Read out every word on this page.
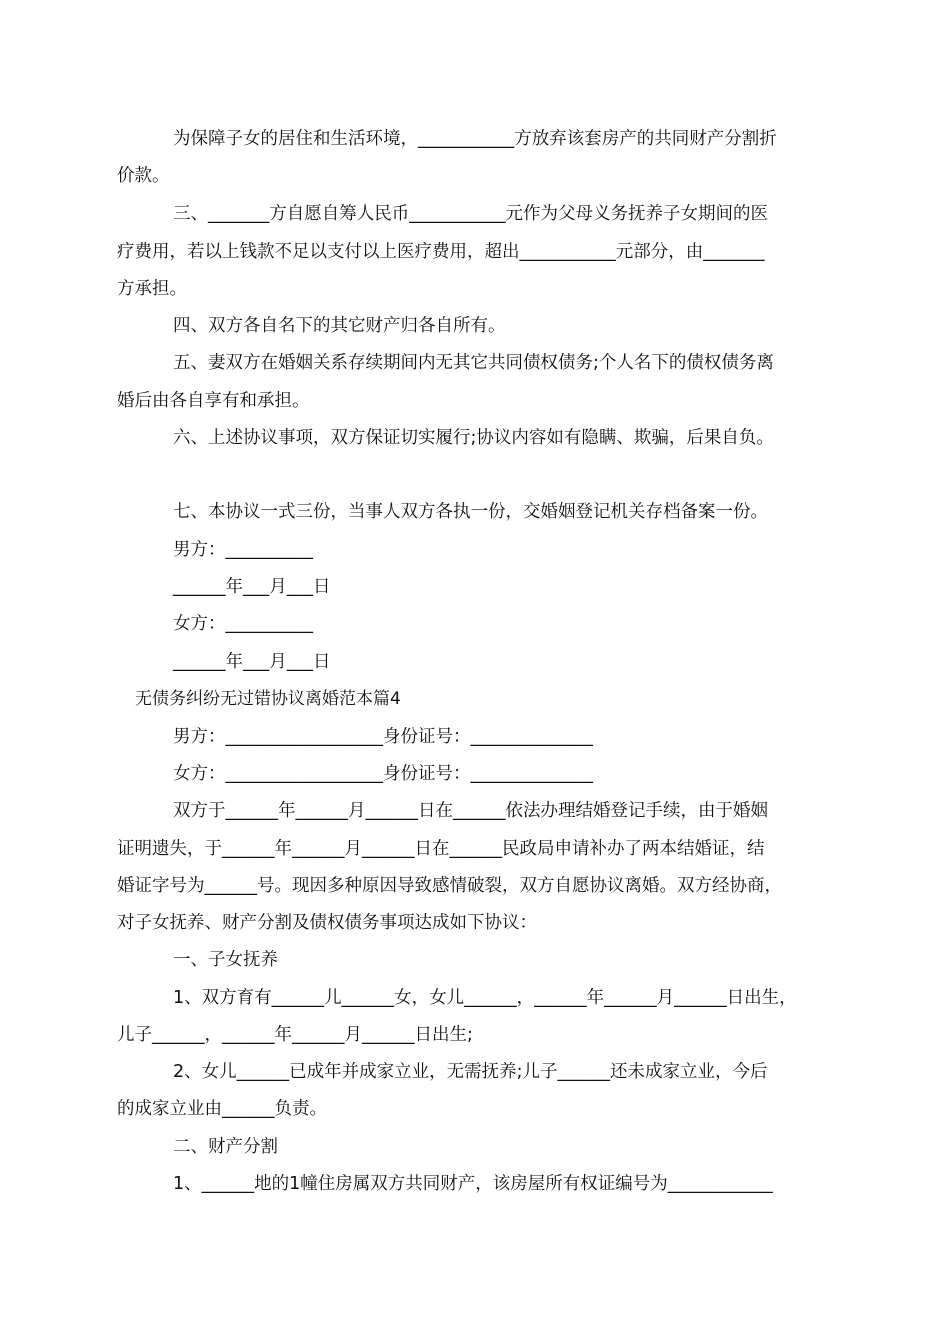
为保障子女的居住和生活环境，___________方放弃该套房产的共同财产分割折
价款。
三、_______方自愿自筹人民币___________元作为父母义务抚养子女期间的医
疗费用，若以上钱款不足以支付以上医疗费用，超出___________元部分，由_______
方承担。
四、双方各自名下的其它财产归各自所有。
五、妻双方在婚姻关系存续期间内无其它共同债权债务;个人名下的债权债务离
婚后由各自享有和承担。
六、上述协议事项，双方保证切实履行;协议内容如有隐瞒、欺骗，后果自负。
七、本协议一式三份，当事人双方各执一份，交婚姻登记机关存档备案一份。
男方：__________
______年___月___日
女方：__________
______年___月___日
无债务纠纷无过错协议离婚范本篇4
男方：__________________身份证号：______________
女方：__________________身份证号：______________
双方于______年______月______日在______依法办理结婚登记手续，由于婚姻
证明遗失，于______年______月______日在______民政局申请补办了两本结婚证，结
婚证字号为______号。现因多种原因导致感情破裂，双方自愿协议离婚。双方经协商，
对子女抚养、财产分割及债权债务事项达成如下协议：
一、子女抚养
1、双方育有______儿______女，女儿______，______年______月______日出生，
儿子______，______年______月______日出生;
2、女儿______已成年并成家立业，无需抚养;儿子______还未成家立业，今后
的成家立业由______负责。
二、财产分割
1、______地的1幢住房属双方共同财产，该房屋所有权证编号为____________
